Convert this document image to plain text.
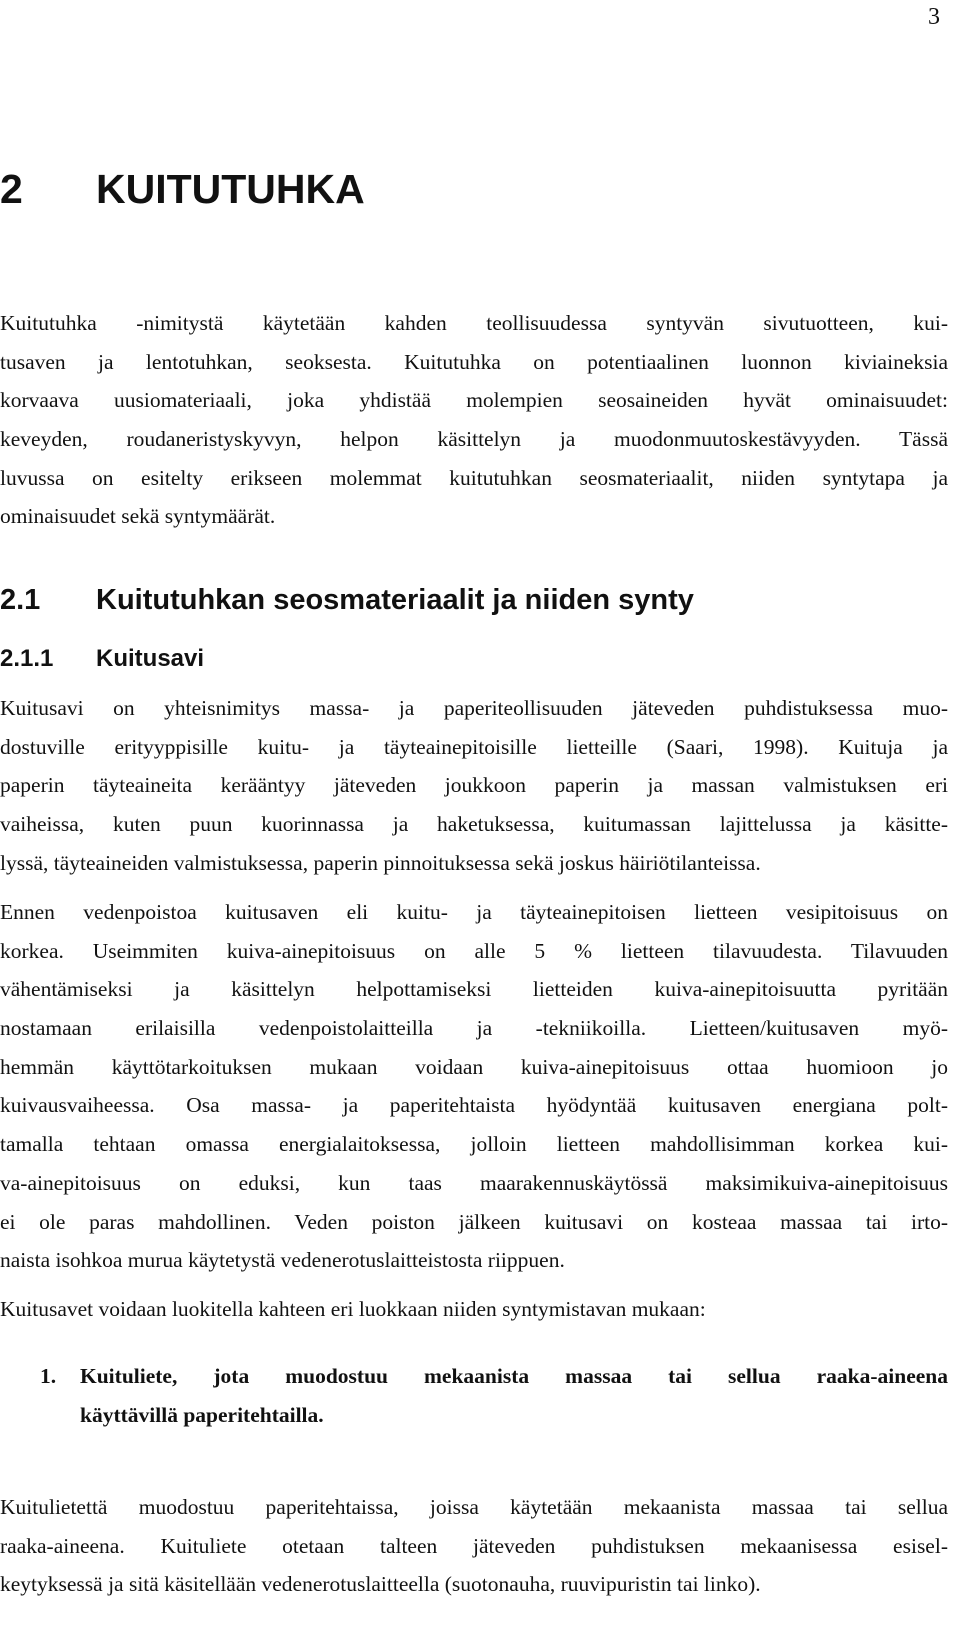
3
2 KUITUTUHKA
Kuitutuhka -nimitystä käytetään kahden teollisuudessa syntyvän sivutuotteen, kui-
tusaven ja lentotuhkan, seoksesta. Kuitutuhka on potentiaalinen luonnon kiviaineksia
korvaava uusiomateriaali, joka yhdistää molempien seosaineiden hyvät ominaisuudet:
keveyden, roudaneristyskyvyn, helpon käsittelyn ja muodonmuutoskestävyyden. Tässä
luvussa on esitelty erikseen molemmat kuitutuhkan seosmateriaalit, niiden syntytapa ja
ominaisuudet sekä syntymäärät.
2.1 Kuitutuhkan seosmateriaalit ja niiden synty
2.1.1 Kuitusavi
Kuitusavi on yhteisnimitys massa- ja paperiteollisuuden jäteveden puhdistuksessa muo-
dostuville erityyppisille kuitu- ja täyteainepitoisille lietteille (Saari, 1998). Kuituja ja
paperin täyteaineita kerääntyy jäteveden joukkoon paperin ja massan valmistuksen eri
vaiheissa, kuten puun kuorinnassa ja haketuksessa, kuitumassan lajittelussa ja käsitte-
lyssä, täyteaineiden valmistuksessa, paperin pinnoituksessa sekä joskus häiriötilanteissa.
Ennen vedenpoistoa kuitusaven eli kuitu- ja täyteainepitoisen lietteen vesipitoisuus on
korkea. Useimmiten kuiva-ainepitoisuus on alle 5 % lietteen tilavuudesta. Tilavuuden
vähentämiseksi ja käsittelyn helpottamiseksi lietteiden kuiva-ainepitoisuutta pyritään
nostamaan erilaisilla vedenpoistolaitteilla ja -tekniikoilla. Lietteen/kuitusaven myö-
hemmän käyttötarkoituksen mukaan voidaan kuiva-ainepitoisuus ottaa huomioon jo
kuivausvaiheessa. Osa massa- ja paperitehtaista hyödyntää kuitusaven energiana polt-
tamalla tehtaan omassa energialaitoksessa, jolloin lietteen mahdollisimman korkea kui-
va-ainepitoisuus on eduksi, kun taas maarakennuskäytössä maksimikuiva-ainepitoisuus
ei ole paras mahdollinen. Veden poiston jälkeen kuitusavi on kosteaa massaa tai irto-
naista isohkoa murua käytetystä vedenerotuslaitteistosta riippuen.
Kuitusavet voidaan luokitella kahteen eri luokkaan niiden syntymistavan mukaan:
1. Kuituliete, jota muodostuu mekaanista massaa tai sellua raaka-aineena
käyttävillä paperitehtailla.
Kuitulietettä muodostuu paperitehtaissa, joissa käytetään mekaanista massaa tai sellua
raaka-aineena. Kuituliete otetaan talteen jäteveden puhdistuksen mekaanisessa esisel-
keytyksessä ja sitä käsitellään vedenerotuslaitteella (suotonauha, ruuvipuristin tai linko).
